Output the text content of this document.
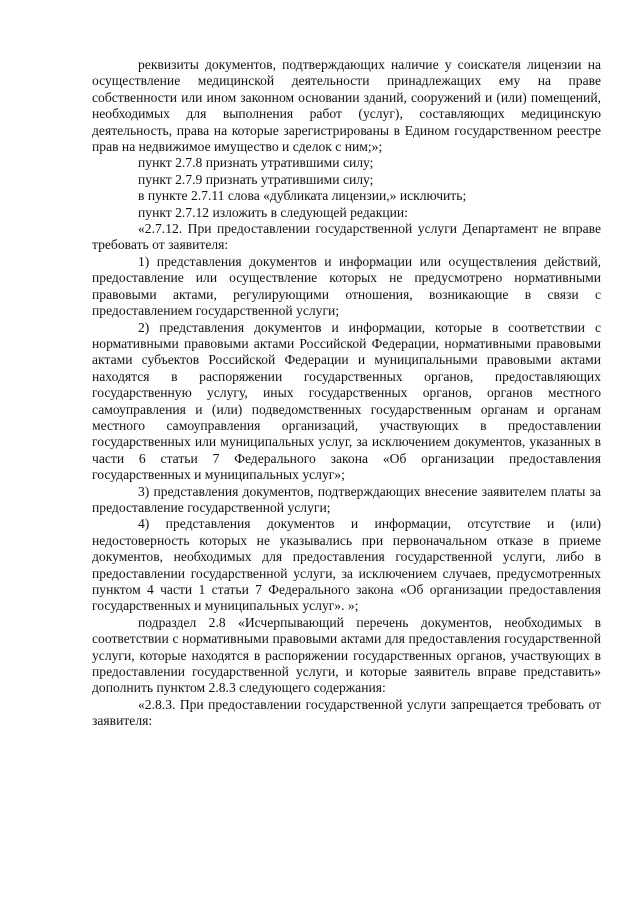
реквизиты документов, подтверждающих наличие у соискателя лицензии на осуществление медицинской деятельности принадлежащих ему на праве собственности или ином законном основании зданий, сооружений и (или) помещений, необходимых для выполнения работ (услуг), составляющих медицинскую деятельность, права на которые зарегистрированы в Едином государственном реестре прав на недвижимое имущество и сделок с ним;»;

пункт 2.7.8 признать утратившими силу;

пункт 2.7.9 признать утратившими силу;

в пункте 2.7.11 слова «дубликата лицензии,» исключить;

пункт 2.7.12 изложить в следующей редакции:

«2.7.12. При предоставлении государственной услуги Департамент не вправе требовать от заявителя:

1) представления документов и информации или осуществления действий, предоставление или осуществление которых не предусмотрено нормативными правовыми актами, регулирующими отношения, возникающие в связи с предоставлением государственной услуги;

2) представления документов и информации, которые в соответствии с нормативными правовыми актами Российской Федерации, нормативными правовыми актами субъектов Российской Федерации и муниципальными правовыми актами находятся в распоряжении государственных органов, предоставляющих государственную услугу, иных государственных органов, органов местного самоуправления и (или) подведомственных государственным органам и органам местного самоуправления организаций, участвующих в предоставлении государственных или муниципальных услуг, за исключением документов, указанных в части 6 статьи 7 Федерального закона «Об организации предоставления государственных и муниципальных услуг»;

3) представления документов, подтверждающих внесение заявителем платы за предоставление государственной услуги;

4) представления документов и информации, отсутствие и (или) недостоверность которых не указывались при первоначальном отказе в приеме документов, необходимых для предоставления государственной услуги, либо в предоставлении государственной услуги, за исключением случаев, предусмотренных пунктом 4 части 1 статьи 7 Федерального закона «Об организации предоставления государственных и муниципальных услуг». »;

подраздел 2.8 «Исчерпывающий перечень документов, необходимых в соответствии с нормативными правовыми актами для предоставления государственной услуги, которые находятся в распоряжении государственных органов, участвующих в предоставлении государственной услуги, и которые заявитель вправе представить» дополнить пунктом 2.8.3 следующего содержания:

«2.8.3. При предоставлении государственной услуги запрещается требовать от заявителя:
